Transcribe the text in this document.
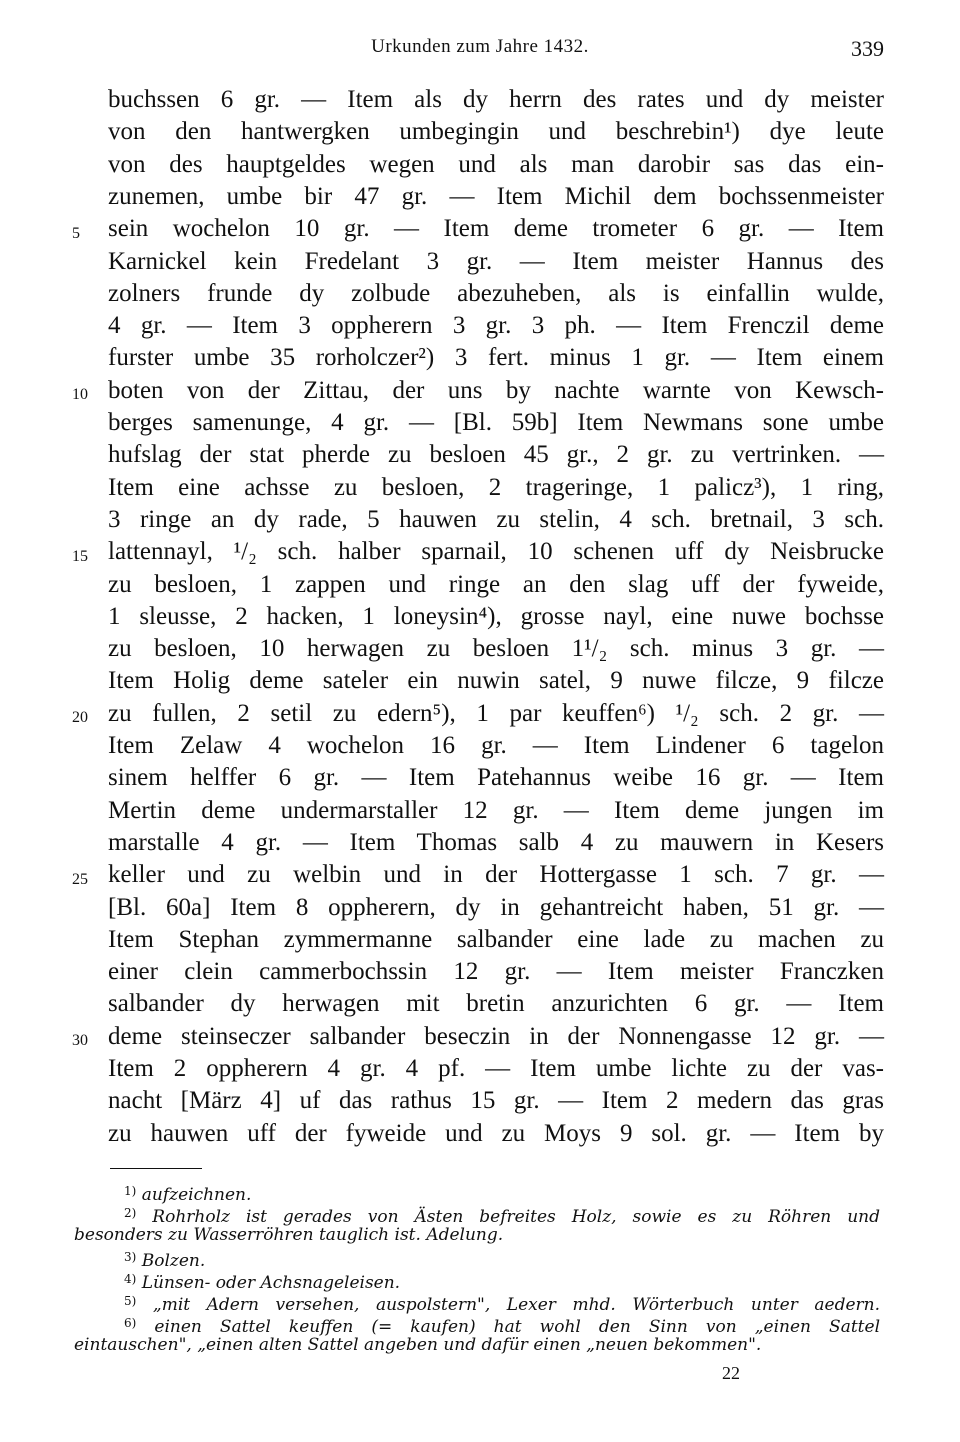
Urkunden zum Jahre 1432.	339
buchssen 6 gr. — Item als dy herrn des rates und dy meister
von den hantwergken umbegingin und beschrebin¹) dye leute
von des hauptgeldes wegen und als man darobir sas das ein-
zunemen, umbe bir 47 gr. — Item Michil dem bochssenmeister
sein wochelon 10 gr. — Item deme trometer 6 gr. — Item
Karnickel kein Fredelant 3 gr. — Item meister Hannus des
zolners frunde dy zolbude abezuheben, als is einfallin wulde,
4 gr. — Item 3 oppherern 3 gr. 3 ph. — Item Frenczil deme
furster umbe 35 rorholczer²) 3 fert. minus 1 gr. — Item einem
boten von der Zittau, der uns by nachte warnte von Kewsch-
berges samenunge, 4 gr. — [Bl. 59b] Item Newmans sone umbe
hufslag der stat pherde zu besloen 45 gr., 2 gr. zu vertrinken. —
Item eine achsse zu besloen, 2 trageringe, 1 palicz³), 1 ring,
3 ringe an dy rade, 5 hauwen zu stelin, 4 sch. bretnail, 3 sch.
lattennayl, ¹/₂ sch. halber sparnail, 10 schenen uff dy Neisbrucke
zu besloen, 1 zappen und ringe an den slag uff der fyweide,
1 sleusse, 2 hacken, 1 loneysin⁴), grosse nayl, eine nuwe bochsse
zu besloen, 10 herwagen zu besloen 1¹/₂ sch. minus 3 gr. —
Item Holig deme sateler ein nuwin satel, 9 nuwe filcze, 9 filcze
zu fullen, 2 setil zu edern⁵), 1 par keuffen⁶) ¹/₂ sch. 2 gr. —
Item Zelaw 4 wochelon 16 gr. — Item Lindener 6 tagelon
sinem helffer 6 gr. — Item Patehannus weibe 16 gr. — Item
Mertin deme undermarstaller 12 gr. — Item deme jungen im
marstalle 4 gr. — Item Thomas salb 4 zu mauwern in Kesers
keller und zu welbin und in der Hottergasse 1 sch. 7 gr. —
[Bl. 60a] Item 8 oppherern, dy in gehantreicht haben, 51 gr. —
Item Stephan zymmermanne salbander eine lade zu machen zu
einer clein cammerbochssin 12 gr. — Item meister Franczken
salbander dy herwagen mit bretin anzurichten 6 gr. — Item
deme steinseczer salbander beseczin in der Nonnengasse 12 gr. —
Item 2 oppherern 4 gr. 4 pf. — Item umbe lichte zu der vas-
nacht [März 4] uf das rathus 15 gr. — Item 2 medern das gras
zu hauwen uff der fyweide und zu Moys 9 sol. gr. — Item by
5
10
15
20
25
30
$^{1)}$ aufzeichnen.
$^{2)}$ Rohrholz ist gerades von Ästen befreites Holz, sowie es zu Röhren und
besonders zu Wasserröhren tauglich ist. Adelung.
$^{3)}$ Bolzen.
$^{4)}$ Lünsen- oder Achsnageleisen.
$^{5)}$ „mit Adern versehen, auspolstern", Lexer mhd. Wörterbuch unter aedern.
$^{6)}$ einen Sattel keuffen (= kaufen) hat wohl den Sinn von „einen Sattel
eintauschen", „einen alten Sattel angeben und dafür einen „neuen bekommen".
22
